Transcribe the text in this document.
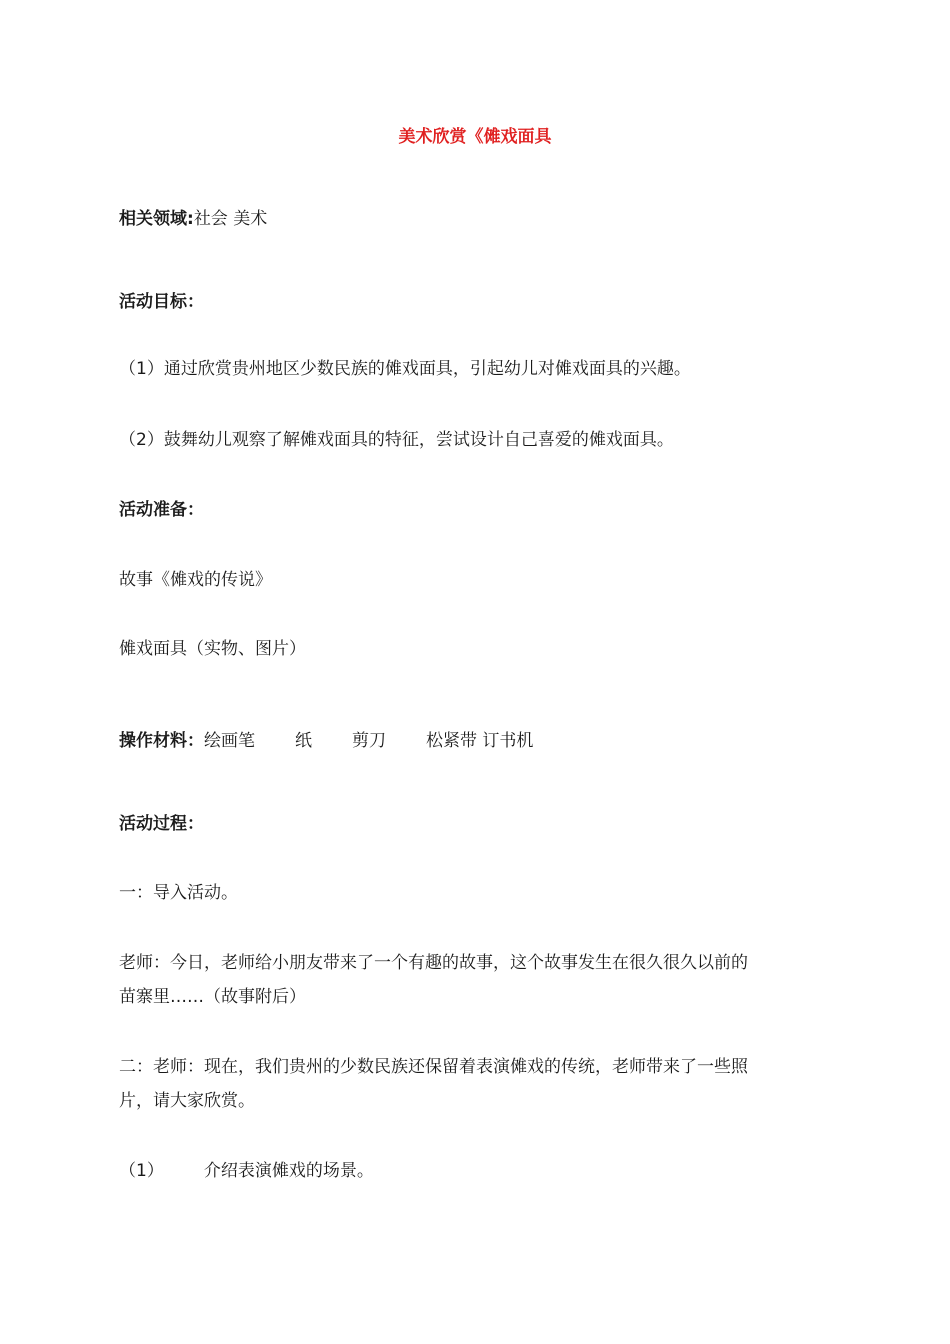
美术欣赏《傩戏面具
相关领域:社会 美术
活动目标：
（1）通过欣赏贵州地区少数民族的傩戏面具，引起幼儿对傩戏面具的兴趣。
（2）鼓舞幼儿观察了解傩戏面具的特征，尝试设计自己喜爱的傩戏面具。
活动准备：
故事《傩戏的传说》
傩戏面具（实物、图片）
操作材料：绘画笔 纸 剪刀 松紧带 订书机
活动过程：
一：导入活动。
老师：今日，老师给小朋友带来了一个有趣的故事，这个故事发生在很久很久以前的
苗寨里……（故事附后）
二：老师：现在，我们贵州的少数民族还保留着表演傩戏的传统，老师带来了一些照
片，请大家欣赏。
（1） 介绍表演傩戏的场景。
